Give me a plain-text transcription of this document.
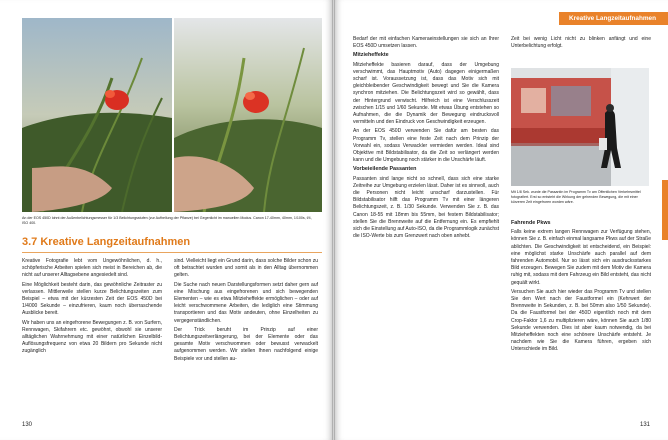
An der EOS 450D lohnt der Außenbelichtungsmesser für 1/3 Belichtungsstufen (zur Aufhellung der Pflanze) bei Gegenlicht im manuellen Modus. Canon 17-40mm, 40mm, 1/100s, f/4, ISO 400.
3.7 Kreative Langzeitaufnahmen

Kreative Fotografie lebt vom Ungewöhnlichen, d. h., schöpferische Arbeiten spielen sich meist in Bereichen ab, die nicht auf unserer Alltagsebene angesiedelt sind.

Eine Möglichkeit besteht darin, das gewöhnliche Zeitraster zu verlassen. Mittlerweile stellen kurze Belichtungszeiten zum Beispiel – etwa mit der kürzesten Zeit der EOS 450D bei 1/4000 Sekunde – einzufrieren, kaum noch überraschende Ausblicke bereit.

Wir haben uns an eingefrorene Bewegungen z. B. von Surfern, Rennwagen, Skifahrern etc. gewöhnt, obwohl sie unserer alltäglichen Wahrnehmung mit einer natürlichen Einzelbild-Auflösungsfrequenz von etwa 20 Bildern pro Sekunde nicht zugänglich

sind. Vielleicht liegt ein Grund darin, dass solche Bilder schon zu oft betrachtet wurden und somit als in den Alltag übernommen gelten.

Die Suche nach neuen Darstellungsformen setzt daher gern auf eine Mischung aus eingefrorenen und sich bewegenden Elementen – wie es etwa Mitzieheffekte ermöglichen – oder auf leicht verschwommene Arbeiten, die lediglich eine Stimmung transportieren und das Motiv andeuten, ohne Einzelheiten zu vergegenständlichen.

Der Trick beruht im Prinzip auf einer Belichtungszeitverlängerung, bei der Elemente oder das gesamte Motiv verschwommen oder bewusst verwackelt aufgenommen werden. Wir stellen Ihnen nachfolgend einige Beispiele vor und stellen au-

130
Kreative Langzeitaufnahmen

Bedarf der mit einfachen Kameraeinstellungen sie sich an Ihrer EOS 450D umsetzen lassen.

Mitzieheffekte

Mitzieheffekte basieren darauf, dass der Umgebung verschwimmt, das Hauptmotiv (Auto) dagegen einigermaßen scharf ist. Voraussetzung ist, dass das Motiv sich mit gleichbleibender Geschwindigkeit bewegt und Sie die Kamera synchron mitziehen. Die Belichtungszeit wird so gewählt, dass der Hintergrund verwischt. Hilfreich ist eine Verschlusszeit zwischen 1/15 und 1/60 Sekunde. Mit etwas Übung entstehen so Aufnahmen, die die Dynamik der Bewegung eindrucksvoll vermitteln und den Eindruck von Geschwindigkeit erzeugen.

An der EOS 450D verwenden Sie dafür am besten das Programm Tv, stellen eine feste Zeit nach dem Prinzip der Vorwahl ein, sodass Verwackler vermieden werden. Ideal sind Objektive mit Bildstabilisator, da die Zeit so verlängert werden kann und die Umgebung noch stärker in die Unschärfe läuft.

Vorbeieilende Passanten

Passanten sind lange nicht so schnell, dass sich eine starke Zeitreihe zur Umgebung erzielen lässt. Daher ist es sinnvoll, auch die Personen nicht leicht unscharf darzustellen. Für Bildstabilisator hilft das Programm Tv mit einer längeren Belichtungszeit, z. B. 1/30 Sekunde. Verwenden Sie z. B. das Canon 18-55 mit 18mm bis 55mm, bei festem Bildstabilisator; stellen Sie die Brennweite auf die Entfernung ein. Es empfiehlt sich die Einstellung auf Auto-ISO, da die Programmlogik zunächst die ISO-Werte bis zum Grenzwert nach oben anhebt.

Zeit bei wenig Licht nicht zu blinken anfängt und eine Unterbelichtung erfolgt.

Mit 1/8 Sek. wurde die Passantin im Programm Tv am Öffentlichen Verkehrsmittel fotografiert. Erst so entsteht die Wirkung der gehenden Bewegung, die mit einer kürzeren Zeit eingefroren worden wäre.
Fahrende Pkws

Falls keine extrem langen Rennwagen zur Verfügung stehen, können Sie z. B. einfach einmal langsame Pkws auf der Straße ablichten. Die Geschwindigkeit ist entscheidend, ein Beispiel: eine möglichst starke Unschärfe auch parallel auf dem fahrenden Automobil. Nur so lässt sich ein ausdrucksstarkes Bild erzeugen. Bewegen Sie zudem mit dem Motiv die Kamera ruhig mit, sodass mit dem Fahrzeug ein Bild entsteht, das nicht gequält wirkt.

Versuchen Sie auch hier wieder das Programm Tv und stellen Sie den Wert nach der Faustformel ein (Kehrwert der Brennweite in Sekunden, z. B. bei 50mm also 1/50 Sekunde). Da die Faustformel bei der 450D eigentlich noch mit dem Crop-Faktor 1,6 zu multiplizieren wäre, können Sie auch 1/80 Sekunde verwenden. Dies ist aber kaum notwendig, da bei Mitzieheffekten noch eine schönere Unschärfe entsteht. Je nachdem wie Sie die Kamera führen, ergeben sich Unterschiede im Bild.

131
